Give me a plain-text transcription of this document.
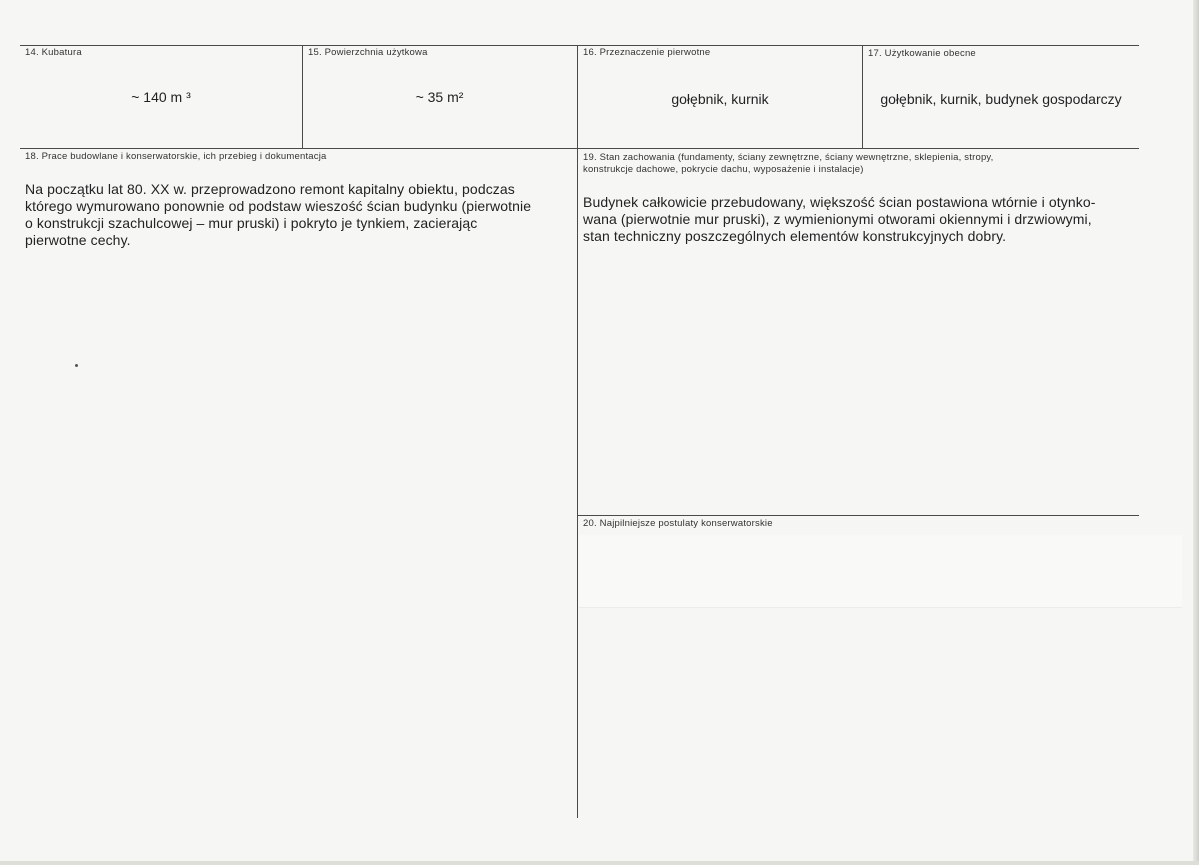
14. Kubatura
~ 140 m ³
15. Powierzchnia użytkowa
~ 35 m²
16. Przeznaczenie pierwotne
gołębnik, kurnik
17. Użytkowanie obecne
gołębnik, kurnik, budynek gospodarczy
18. Prace budowlane i konserwatorskie, ich przebieg i dokumentacja
Na początku lat 80. XX w. przeprowadzono remont kapitalny obiektu, podczas
którego wymurowano ponownie od podstaw wieszość ścian budynku (pierwotnie
o konstrukcji szachulcowej – mur pruski) i pokryto je tynkiem, zacierając
pierwotne cechy.
19. Stan zachowania (fundamenty, ściany zewnętrzne, ściany wewnętrzne, sklepienia, stropy,
konstrukcje dachowe, pokrycie dachu, wyposażenie i instalacje)
Budynek całkowicie przebudowany, większość ścian postawiona wtórnie i otynko-
wana (pierwotnie mur pruski), z wymienionymi otworami okiennymi i drzwiowymi,
stan techniczny poszczególnych elementów konstrukcyjnych dobry.
20. Najpilniejsze postulaty konserwatorskie
